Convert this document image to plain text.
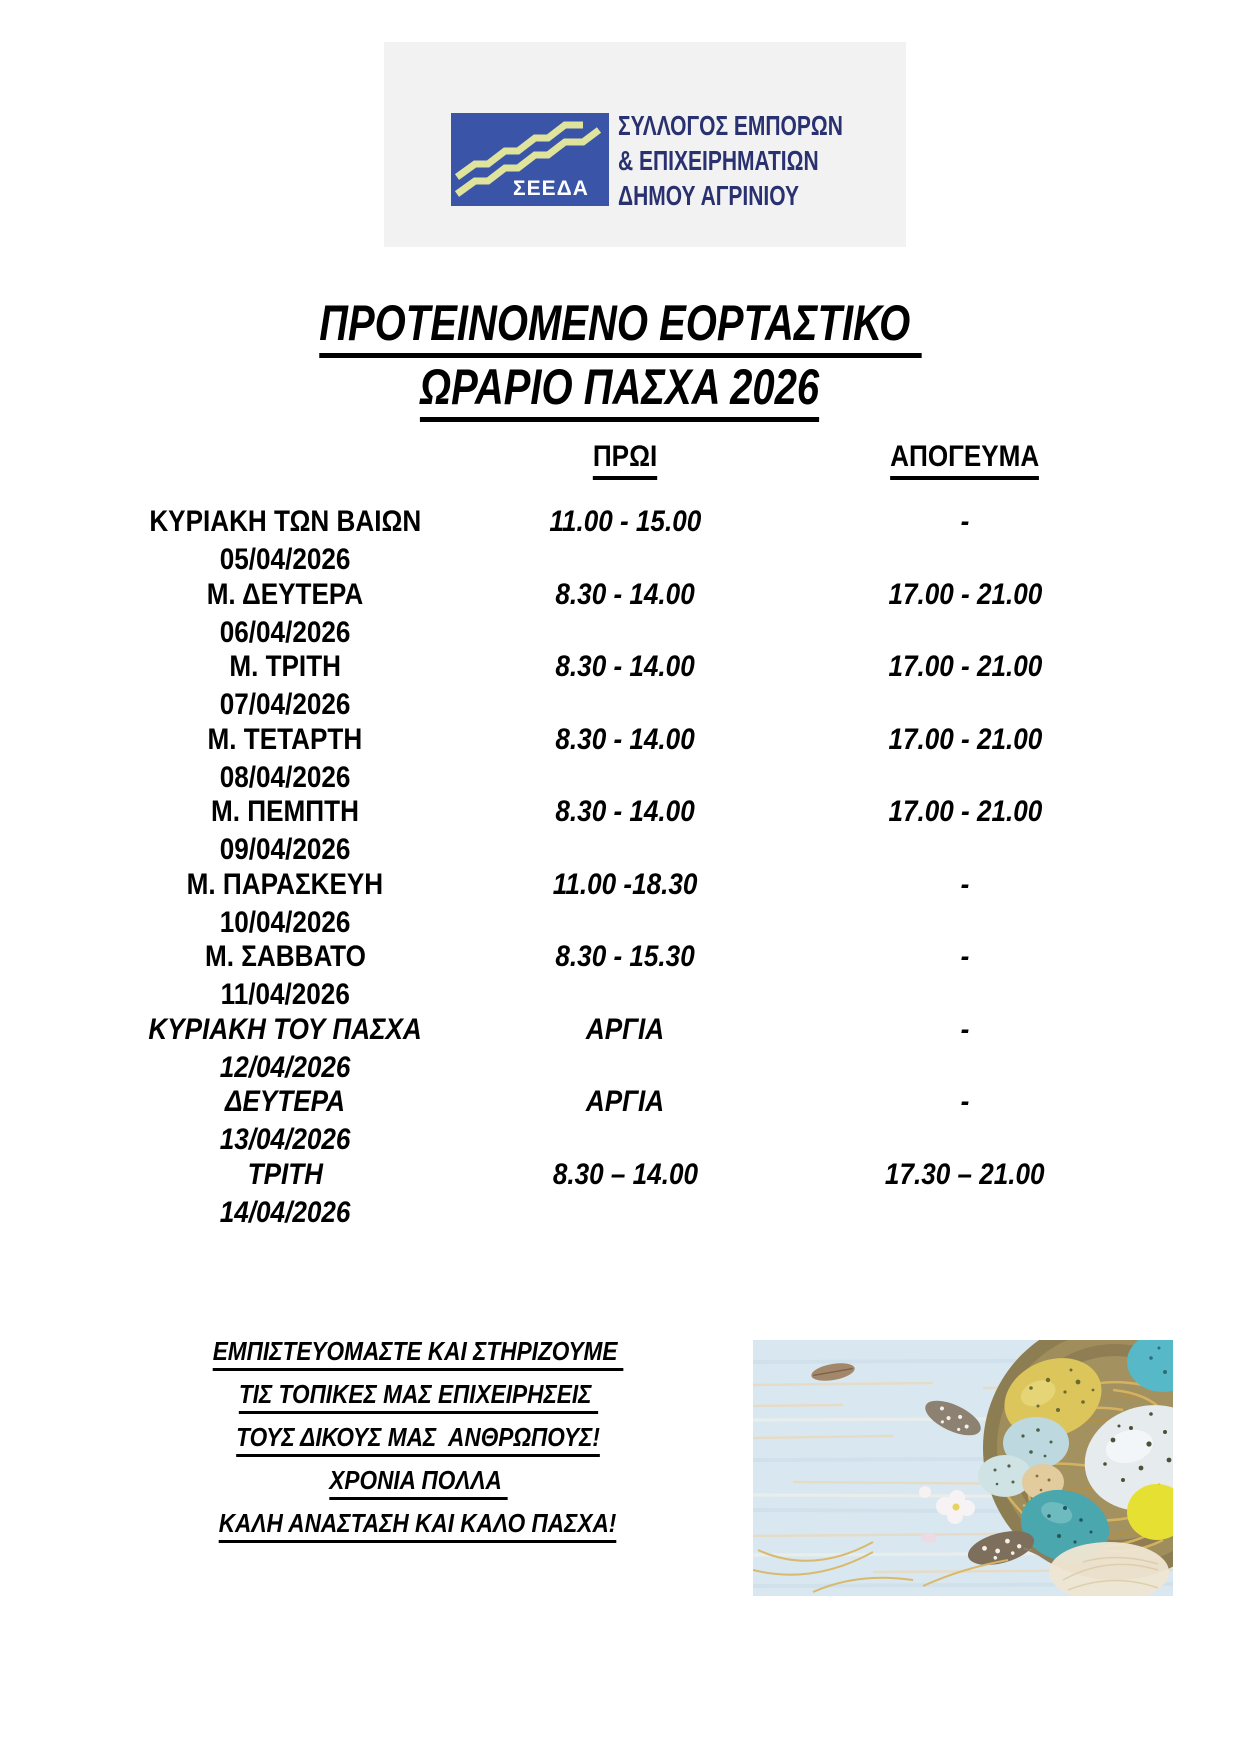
ΣΕΕΔΑ
ΣΥΛΛΟΓΟΣ ΕΜΠΟΡΩΝ
& ΕΠΙΧΕΙΡΗΜΑΤΙΩΝ
ΔΗΜΟΥ ΑΓΡΙΝΙΟΥ
ΠΡΟΤΕΙΝΟΜΕΝΟ ΕΟΡΤΑΣΤΙΚΟ
ΩΡΑΡΙΟ ΠΑΣΧΑ 2026
ΠΡΩΙ	ΑΠΟΓΕΥΜΑ
ΚΥΡΙΑΚΗ ΤΩΝ ΒΑΙΩΝ
05/04/2026
11.00 - 15.00	-
Μ. ΔΕΥΤΕΡΑ
06/04/2026
8.30 - 14.00	17.00 - 21.00
Μ. ΤΡΙΤΗ
07/04/2026
8.30 - 14.00	17.00 - 21.00
Μ. ΤΕΤΑΡΤΗ
08/04/2026
8.30 - 14.00	17.00 - 21.00
Μ. ΠΕΜΠΤΗ
09/04/2026
8.30 - 14.00	17.00 - 21.00
Μ. ΠΑΡΑΣΚΕΥΗ
10/04/2026
11.00 -18.30	-
Μ. ΣΑΒΒΑΤΟ
11/04/2026
8.30 - 15.30	-
ΚΥΡΙΑΚΗ ΤΟΥ ΠΑΣΧΑ
12/04/2026
ΑΡΓΙΑ	-
ΔΕΥΤΕΡΑ
13/04/2026
ΑΡΓΙΑ	-
ΤΡΙΤΗ
14/04/2026
8.30 – 14.00	17.30 – 21.00
ΕΜΠΙΣΤΕΥΟΜΑΣΤΕ ΚΑΙ ΣΤΗΡΙΖΟΥΜΕ
ΤΙΣ ΤΟΠΙΚΕΣ ΜΑΣ ΕΠΙΧΕΙΡΗΣΕΙΣ
ΤΟΥΣ ΔΙΚΟΥΣ ΜΑΣ  ΑΝΘΡΩΠΟΥΣ!
ΧΡΟΝΙΑ ΠΟΛΛΑ
ΚΑΛΗ ΑΝΑΣΤΑΣΗ ΚΑΙ ΚΑΛΟ ΠΑΣΧΑ!
